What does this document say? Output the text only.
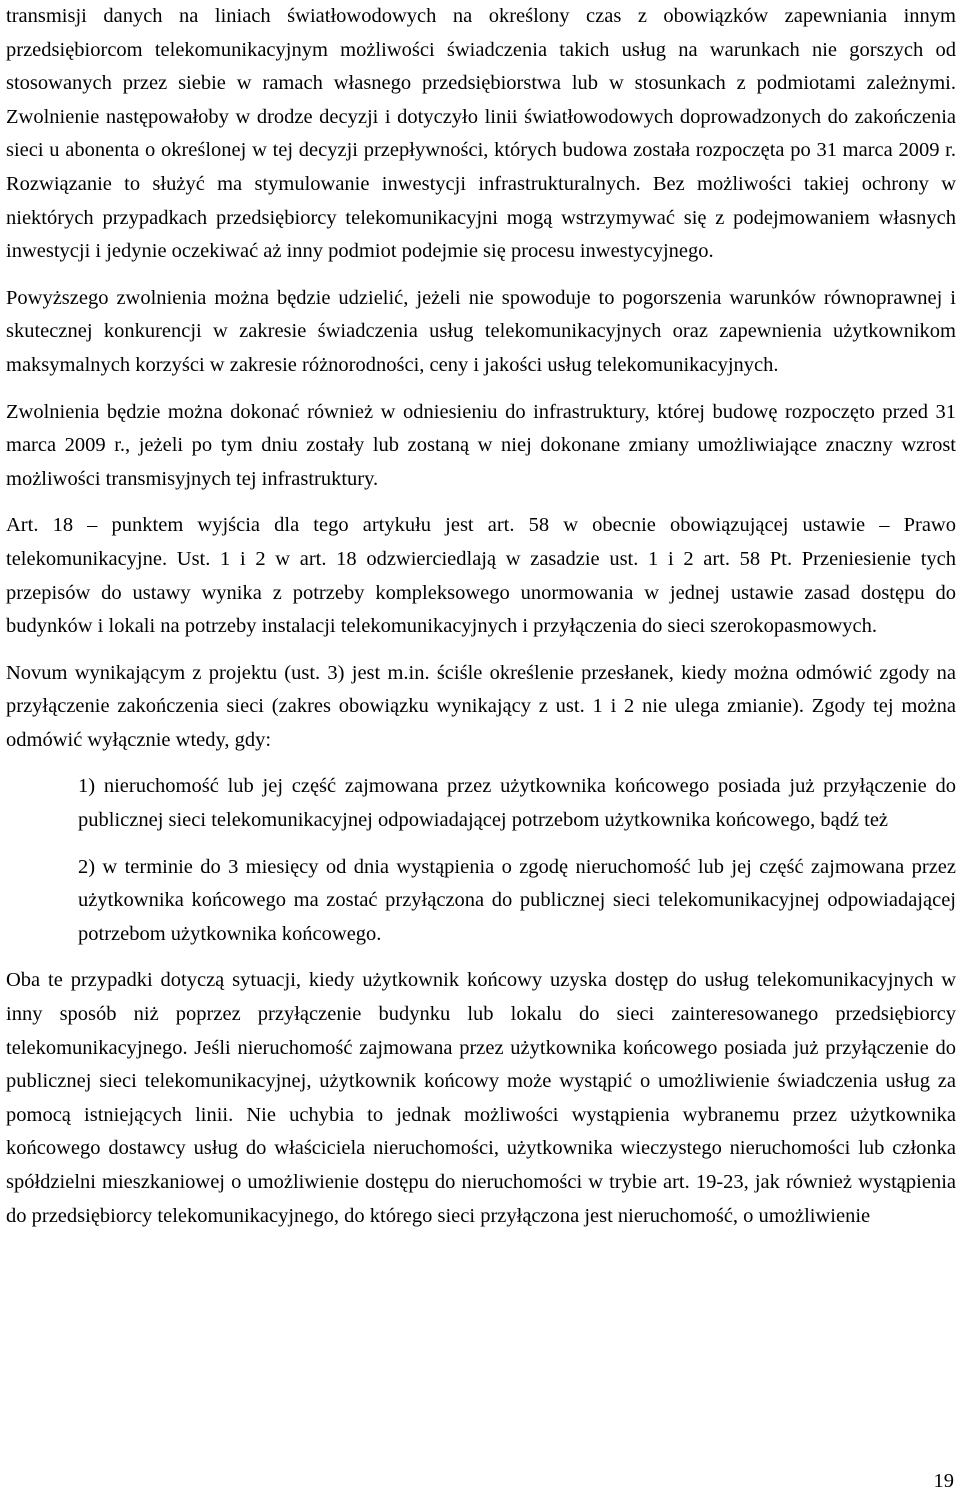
transmisji danych na liniach światłowodowych na określony czas z obowiązków zapewniania innym przedsiębiorcom telekomunikacyjnym możliwości świadczenia takich usług na warunkach nie gorszych od stosowanych przez siebie w ramach własnego przedsiębiorstwa lub w stosunkach z podmiotami zależnymi. Zwolnienie następowałoby w drodze decyzji i dotyczyło linii światłowodowych doprowadzonych do zakończenia sieci u abonenta o określonej w tej decyzji przepływności, których budowa została rozpoczęta po 31 marca 2009 r. Rozwiązanie to służyć ma stymulowanie inwestycji infrastrukturalnych. Bez możliwości takiej ochrony w niektórych przypadkach przedsiębiorcy telekomunikacyjni mogą wstrzymywać się z podejmowaniem własnych inwestycji i jedynie oczekiwać aż inny podmiot podejmie się procesu inwestycyjnego.

Powyższego zwolnienia można będzie udzielić, jeżeli nie spowoduje to pogorszenia warunków równoprawnej i skutecznej konkurencji w zakresie świadczenia usług telekomunikacyjnych oraz zapewnienia użytkownikom maksymalnych korzyści w zakresie różnorodności, ceny i jakości usług telekomunikacyjnych.

Zwolnienia będzie można dokonać również w odniesieniu do infrastruktury, której budowę rozpoczęto przed 31 marca 2009 r., jeżeli po tym dniu zostały lub zostaną w niej dokonane zmiany umożliwiające znaczny wzrost możliwości transmisyjnych tej infrastruktury.

Art. 18 – punktem wyjścia dla tego artykułu jest art. 58 w obecnie obowiązującej ustawie – Prawo telekomunikacyjne. Ust. 1 i 2 w art. 18 odzwierciedlają w zasadzie ust. 1 i 2 art. 58 Pt. Przeniesienie tych przepisów do ustawy wynika z potrzeby kompleksowego unormowania w jednej ustawie zasad dostępu do budynków i lokali na potrzeby instalacji telekomunikacyjnych i przyłączenia do sieci szerokopasmowych.

Novum wynikającym z projektu (ust. 3) jest m.in. ściśle określenie przesłanek, kiedy można odmówić zgody na przyłączenie zakończenia sieci (zakres obowiązku wynikający z ust. 1 i 2 nie ulega zmianie). Zgody tej można odmówić wyłącznie wtedy, gdy:

1) nieruchomość lub jej część zajmowana przez użytkownika końcowego posiada już przyłączenie do publicznej sieci telekomunikacyjnej odpowiadającej potrzebom użytkownika końcowego, bądź też

2) w terminie do 3 miesięcy od dnia wystąpienia o zgodę nieruchomość lub jej część zajmowana przez użytkownika końcowego ma zostać przyłączona do publicznej sieci telekomunikacyjnej odpowiadającej potrzebom użytkownika końcowego.

Oba te przypadki dotyczą sytuacji, kiedy użytkownik końcowy uzyska dostęp do usług telekomunikacyjnych w inny sposób niż poprzez przyłączenie budynku lub lokalu do sieci zainteresowanego przedsiębiorcy telekomunikacyjnego. Jeśli nieruchomość zajmowana przez użytkownika końcowego posiada już przyłączenie do publicznej sieci telekomunikacyjnej, użytkownik końcowy może wystąpić o umożliwienie świadczenia usług za pomocą istniejących linii. Nie uchybia to jednak możliwości wystąpienia wybranemu przez użytkownika końcowego dostawcy usług do właściciela nieruchomości, użytkownika wieczystego nieruchomości lub członka spółdzielni mieszkaniowej o umożliwienie dostępu do nieruchomości w trybie art. 19-23, jak również wystąpienia do przedsiębiorcy telekomunikacyjnego, do którego sieci przyłączona jest nieruchomość, o umożliwienie

19
